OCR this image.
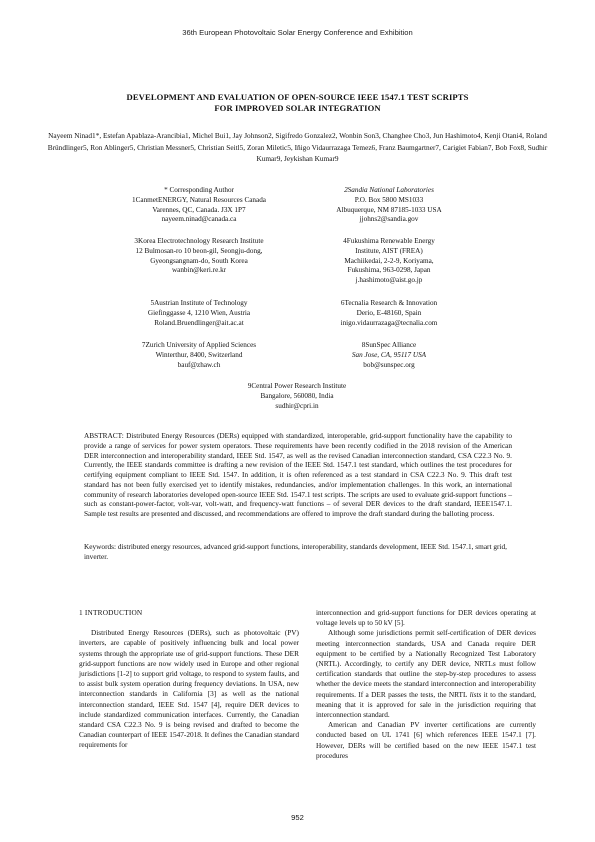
36th European Photovoltaic Solar Energy Conference and Exhibition
DEVELOPMENT AND EVALUATION OF OPEN-SOURCE IEEE 1547.1 TEST SCRIPTS
FOR IMPROVED SOLAR INTEGRATION
Nayeem Ninad1*, Estefan Apablaza-Arancibia1, Michel Bui1, Jay Johnson2, Sigifredo Gonzalez2, Wonbin Son3, Changhee Cho3, Jun Hashimoto4, Kenji Otani4, Roland Bründlinger5, Ron Ablinger5, Christian Messner5, Christian Seitl5, Zoran Miletic5, Iñigo Vidaurrazaga Temez6, Franz Baumgartner7, Carigiet Fabian7, Bob Fox8, Sudhir Kumar9, Jeykishan Kumar9
* Corresponding Author
1CanmetENERGY, Natural Resources Canada
Varennes, QC, Canada. J3X 1P7
nayeem.ninad@canada.ca
2Sandia National Laboratories
P.O. Box 5800 MS1033
Albuquerque, NM 87185-1033 USA
jjohns2@sandia.gov
3Korea Electrotechnology Research Institute
12 Bulmosan-ro 10 beon-gil, Seongju-dong,
Gyeongsangnam-do, South Korea
wanbin@keri.re.kr
4Fukushima Renewable Energy
Institute, AIST (FREA)
Machiikedai, 2-2-9, Koriyama,
Fukushima, 963-0298, Japan
j.hashimoto@aist.go.jp
5Austrian Institute of Technology
Giefinggasse 4, 1210 Wien, Austria
Roland.Bruendlinger@ait.ac.at
6Tecnalia Research & Innovation
Derio, E-48160, Spain
inigo.vidaurrazaga@tecnalia.com
7Zurich University of Applied Sciences
Winterthur, 8400, Switzerland
bauf@zhaw.ch
8SunSpec Alliance
San Jose, CA, 95117 USA
bob@sunspec.org
9Central Power Research Institute
Bangalore, 560080, India
sudhir@cpri.in
ABSTRACT: Distributed Energy Resources (DERs) equipped with standardized, interoperable, grid-support functionality have the capability to provide a range of services for power system operators. These requirements have been recently codified in the 2018 revision of the American DER interconnection and interoperability standard, IEEE Std. 1547, as well as the revised Canadian interconnection standard, CSA C22.3 No. 9. Currently, the IEEE standards committee is drafting a new revision of the IEEE Std. 1547.1 test standard, which outlines the test procedures for certifying equipment compliant to IEEE Std. 1547. In addition, it is often referenced as a test standard in CSA C22.3 No. 9. This draft test standard has not been fully exercised yet to identify mistakes, redundancies, and/or implementation challenges. In this work, an international community of research laboratories developed open-source IEEE Std. 1547.1 test scripts. The scripts are used to evaluate grid-support functions – such as constant-power-factor, volt-var, volt-watt, and frequency-watt functions – of several DER devices to the draft standard, IEEE1547.1. Sample test results are presented and discussed, and recommendations are offered to improve the draft standard during the balloting process.
Keywords: distributed energy resources, advanced grid-support functions, interoperability, standards development, IEEE Std. 1547.1, smart grid, inverter.

1 INTRODUCTION

Distributed Energy Resources (DERs), such as photovoltaic (PV) inverters, are capable of positively influencing bulk and local power systems through the appropriate use of grid-support functions. These DER grid-support functions are now widely used in Europe and other regional jurisdictions [1-2] to support grid voltage, to respond to system faults, and to assist bulk system operation during frequency deviations. In USA, new interconnection standards in California [3] as well as the national interconnection standard, IEEE Std. 1547 [4], require DER devices to include standardized communication interfaces. Currently, the Canadian standard CSA C22.3 No. 9 is being revised and drafted to become the Canadian counterpart of IEEE 1547-2018. It defines the Canadian standard requirements for

interconnection and grid-support functions for DER devices operating at voltage levels up to 50 kV [5].

Although some jurisdictions permit self-certification of DER devices meeting interconnection standards, USA and Canada require DER equipment to be certified by a Nationally Recognized Test Laboratory (NRTL). Accordingly, to certify any DER device, NRTLs must follow certification standards that outline the step-by-step procedures to assess whether the device meets the standard interconnection and interoperability requirements. If a DER passes the tests, the NRTL lists it to the standard, meaning that it is approved for sale in the jurisdiction requiring that interconnection standard.

American and Canadian PV inverter certifications are currently conducted based on UL 1741 [6] which references IEEE 1547.1 [7]. However, DERs will be certified based on the new IEEE 1547.1 test procedures

952
